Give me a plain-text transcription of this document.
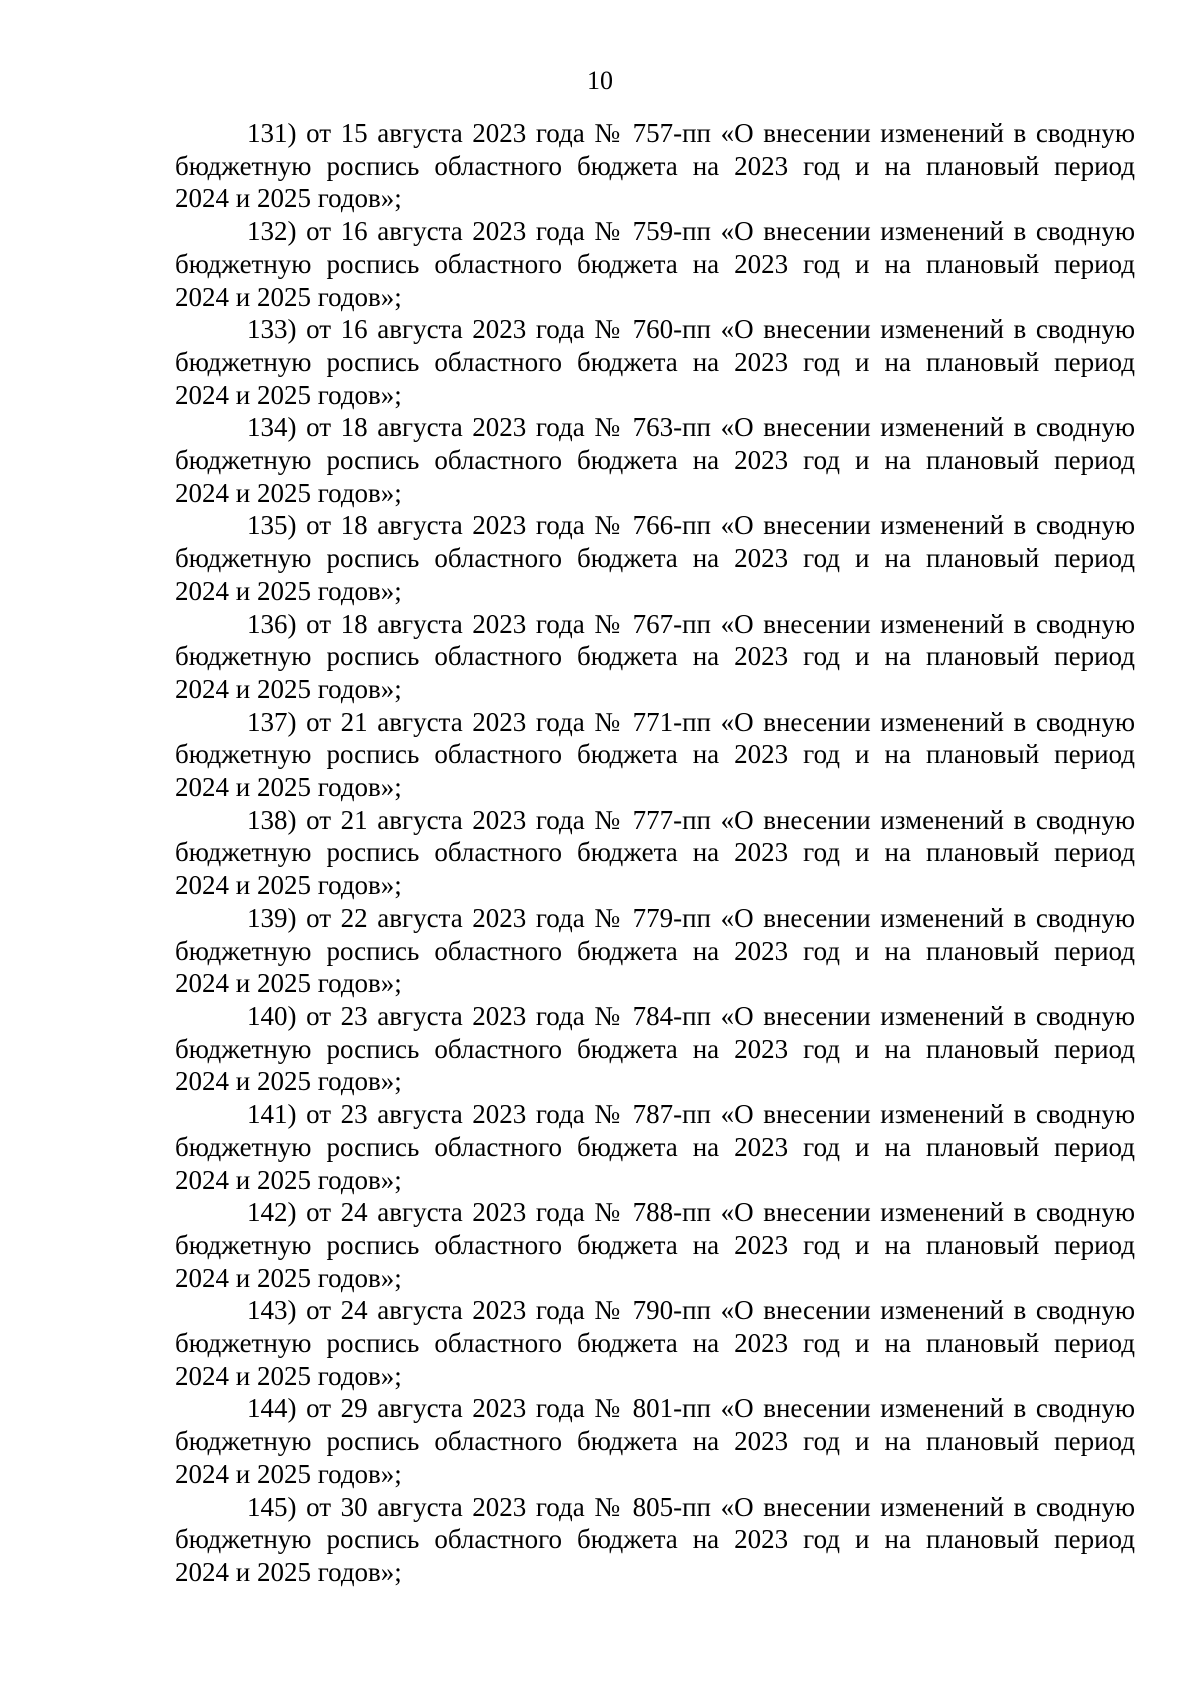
10

131) от 15 августа 2023 года № 757-пп «О внесении изменений в сводную
бюджетную роспись областного бюджета на 2023 год и на плановый период
2024 и 2025 годов»;

132) от 16 августа 2023 года № 759-пп «О внесении изменений в сводную
бюджетную роспись областного бюджета на 2023 год и на плановый период
2024 и 2025 годов»;

133) от 16 августа 2023 года № 760-пп «О внесении изменений в сводную
бюджетную роспись областного бюджета на 2023 год и на плановый период
2024 и 2025 годов»;

134) от 18 августа 2023 года № 763-пп «О внесении изменений в сводную
бюджетную роспись областного бюджета на 2023 год и на плановый период
2024 и 2025 годов»;

135) от 18 августа 2023 года № 766-пп «О внесении изменений в сводную
бюджетную роспись областного бюджета на 2023 год и на плановый период
2024 и 2025 годов»;

136) от 18 августа 2023 года № 767-пп «О внесении изменений в сводную
бюджетную роспись областного бюджета на 2023 год и на плановый период
2024 и 2025 годов»;

137) от 21 августа 2023 года № 771-пп «О внесении изменений в сводную
бюджетную роспись областного бюджета на 2023 год и на плановый период
2024 и 2025 годов»;

138) от 21 августа 2023 года № 777-пп «О внесении изменений в сводную
бюджетную роспись областного бюджета на 2023 год и на плановый период
2024 и 2025 годов»;

139) от 22 августа 2023 года № 779-пп «О внесении изменений в сводную
бюджетную роспись областного бюджета на 2023 год и на плановый период
2024 и 2025 годов»;

140) от 23 августа 2023 года № 784-пп «О внесении изменений в сводную
бюджетную роспись областного бюджета на 2023 год и на плановый период
2024 и 2025 годов»;

141) от 23 августа 2023 года № 787-пп «О внесении изменений в сводную
бюджетную роспись областного бюджета на 2023 год и на плановый период
2024 и 2025 годов»;

142) от 24 августа 2023 года № 788-пп «О внесении изменений в сводную
бюджетную роспись областного бюджета на 2023 год и на плановый период
2024 и 2025 годов»;

143) от 24 августа 2023 года № 790-пп «О внесении изменений в сводную
бюджетную роспись областного бюджета на 2023 год и на плановый период
2024 и 2025 годов»;

144) от 29 августа 2023 года № 801-пп «О внесении изменений в сводную
бюджетную роспись областного бюджета на 2023 год и на плановый период
2024 и 2025 годов»;

145) от 30 августа 2023 года № 805-пп «О внесении изменений в сводную
бюджетную роспись областного бюджета на 2023 год и на плановый период
2024 и 2025 годов»;
